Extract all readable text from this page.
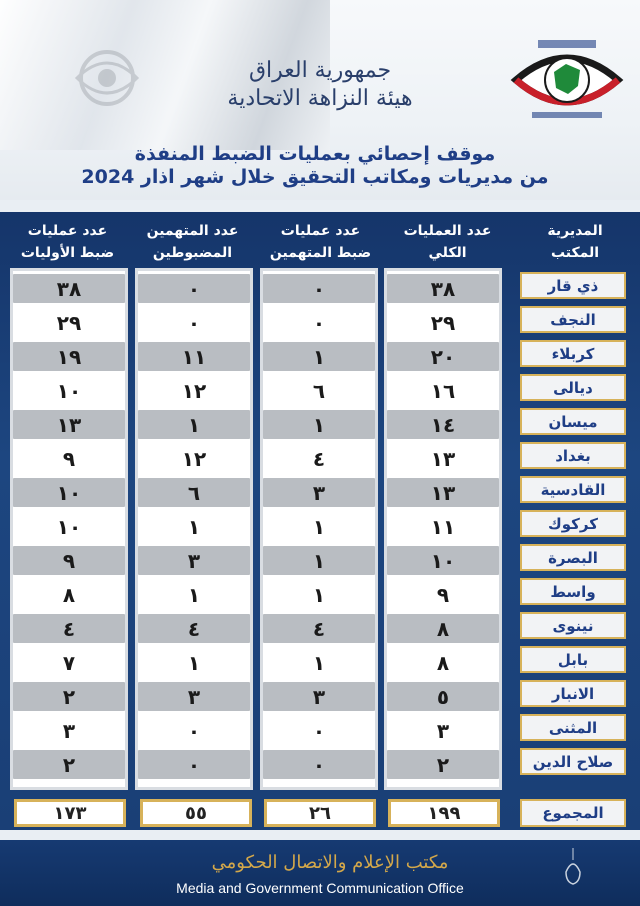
جمهورية العراق
هيئة النزاهة الاتحادية
موقف إحصائي بعمليات الضبط المنفذة
من مديريات ومكاتب التحقيق خلال شهر اذار 2024
المديرية
المكتب
عدد العمليات
الكلي
عدد عمليات
ضبط المتهمين
عدد المتهمين
المضبوطين
عدد عمليات
ضبط الأوليات
٣٨
٢٩
٢٠
١٦
١٤
١٣
١٣
١١
١٠
٩
٨
٨
٥
٣
٢
٠
٠
١
٦
١
٤
٣
١
١
١
٤
١
٣
٠
٠
٠
٠
١١
١٢
١
١٢
٦
١
٣
١
٤
١
٣
٠
٠
٣٨
٢٩
١٩
١٠
١٣
٩
١٠
١٠
٩
٨
٤
٧
٢
٣
٢
ذي قار
النجف
كربلاء
ديالى
ميسان
بغداد
القادسية
كركوك
البصرة
واسط
نينوى
بابل
الانبار
المثنى
صلاح الدين
١٩٩
٢٦
٥٥
١٧٣	المجموع
مكتب الإعلام والاتصال الحكومي
Media and Government Communication Office
